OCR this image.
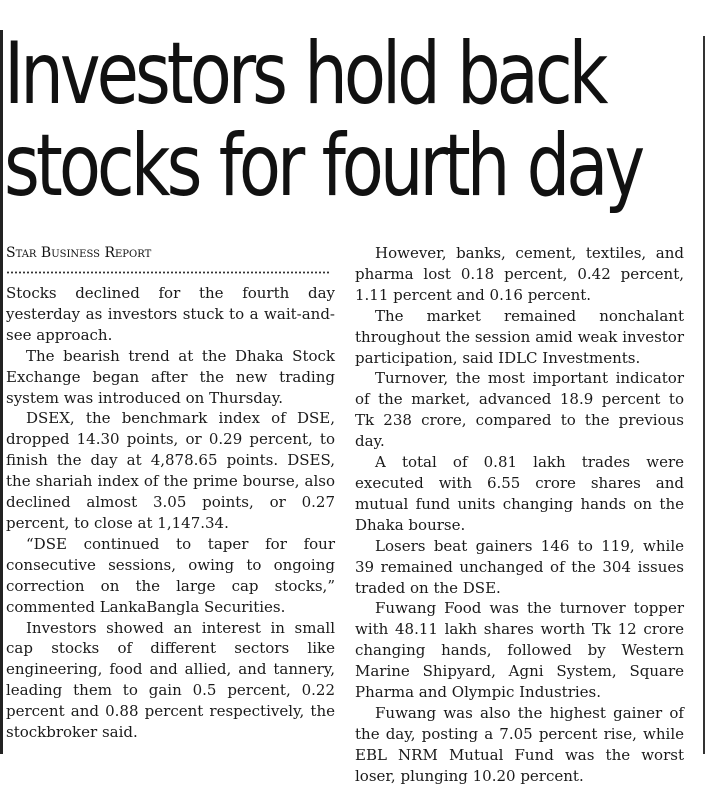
Investors hold back
stocks for fourth day
Star Business Report

Stocks declined for the fourth day yesterday as investors stuck to a wait-and-see approach.

The bearish trend at the Dhaka Stock Exchange began after the new trading system was introduced on Thursday.

DSEX, the benchmark index of DSE, dropped 14.30 points, or 0.29 percent, to finish the day at 4,878.65 points. DSES, the shariah index of the prime bourse, also declined almost 3.05 points, or 0.27 percent, to close at 1,147.34.

“DSE continued to taper for four consecutive sessions, owing to ongoing correction on the large cap stocks,” commented LankaBangla Securities.

Investors showed an interest in small cap stocks of different sectors like engineering, food and allied, and tannery, leading them to gain 0.5 percent, 0.22 percent and 0.88 percent respectively, the stockbroker said.

However, banks, cement, textiles, and pharma lost 0.18 percent, 0.42 percent, 1.11 percent and 0.16 percent.

The market remained nonchalant throughout the session amid weak investor participation, said IDLC Investments.

Turnover, the most important indicator of the market, advanced 18.9 percent to Tk 238 crore, compared to the previous day.

A total of 0.81 lakh trades were executed with 6.55 crore shares and mutual fund units changing hands on the Dhaka bourse.

Losers beat gainers 146 to 119, while 39 remained unchanged of the 304 issues traded on the DSE.

Fuwang Food was the turnover topper with 48.11 lakh shares worth Tk 12 crore changing hands, followed by Western Marine Shipyard, Agni System, Square Pharma and Olympic Industries.

Fuwang was also the highest gainer of the day, posting a 7.05 percent rise, while EBL NRM Mutual Fund was the worst loser, plunging 10.20 percent.
